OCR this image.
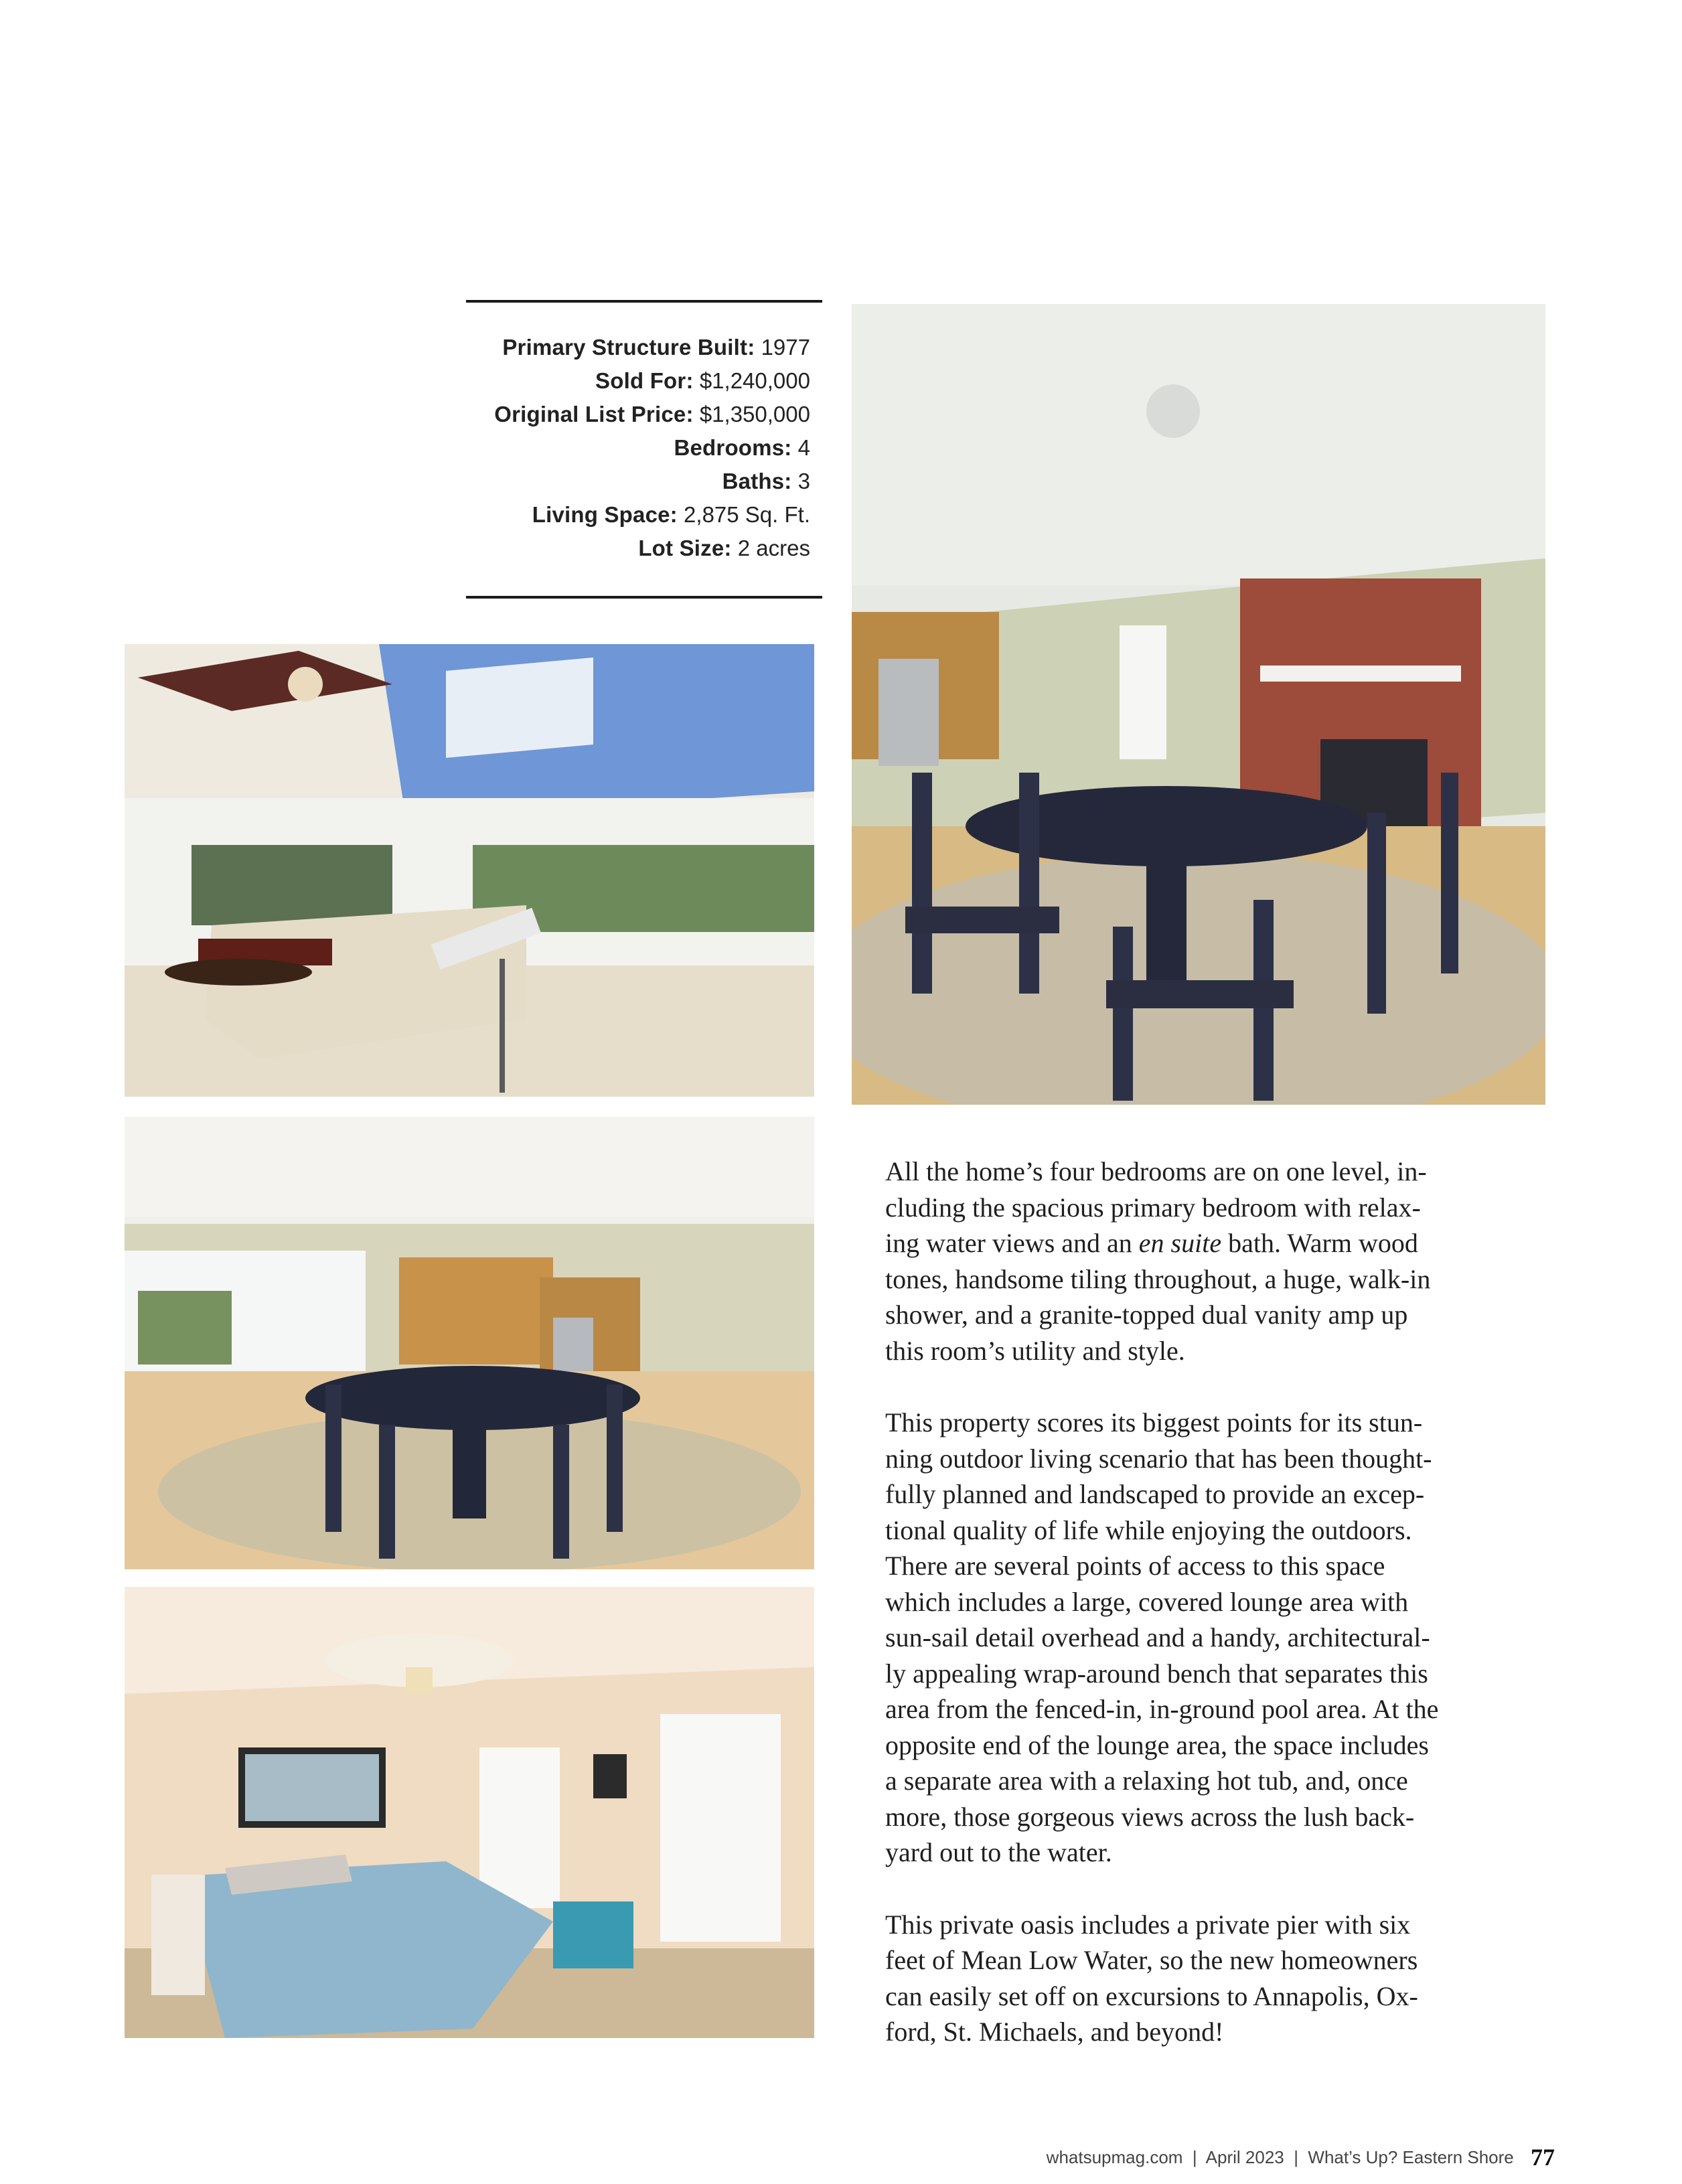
Primary Structure Built: 1977
Sold For: $1,240,000
Original List Price: $1,350,000
Bedrooms: 4
Baths: 3
Living Space: 2,875 Sq. Ft.
Lot Size: 2 acres

All the home’s four bedrooms are on one level, in-
cluding the spacious primary bedroom with relax-
ing water views and an en suite bath. Warm wood
tones, handsome tiling throughout, a huge, walk-in
shower, and a granite-topped dual vanity amp up
this room’s utility and style.

This property scores its biggest points for its stun-
ning outdoor living scenario that has been thought-
fully planned and landscaped to provide an excep-
tional quality of life while enjoying the outdoors.
There are several points of access to this space
which includes a large, covered lounge area with
sun-sail detail overhead and a handy, architectural-
ly appealing wrap-around bench that separates this
area from the fenced-in, in-ground pool area. At the
opposite end of the lounge area, the space includes
a separate area with a relaxing hot tub, and, once
more, those gorgeous views across the lush back-
yard out to the water.

This private oasis includes a private pier with six
feet of Mean Low Water, so the new homeowners
can easily set off on excursions to Annapolis, Ox-
ford, St. Michaels, and beyond!

whatsupmag.com | April 2023 | What’s Up? Eastern Shore 77
